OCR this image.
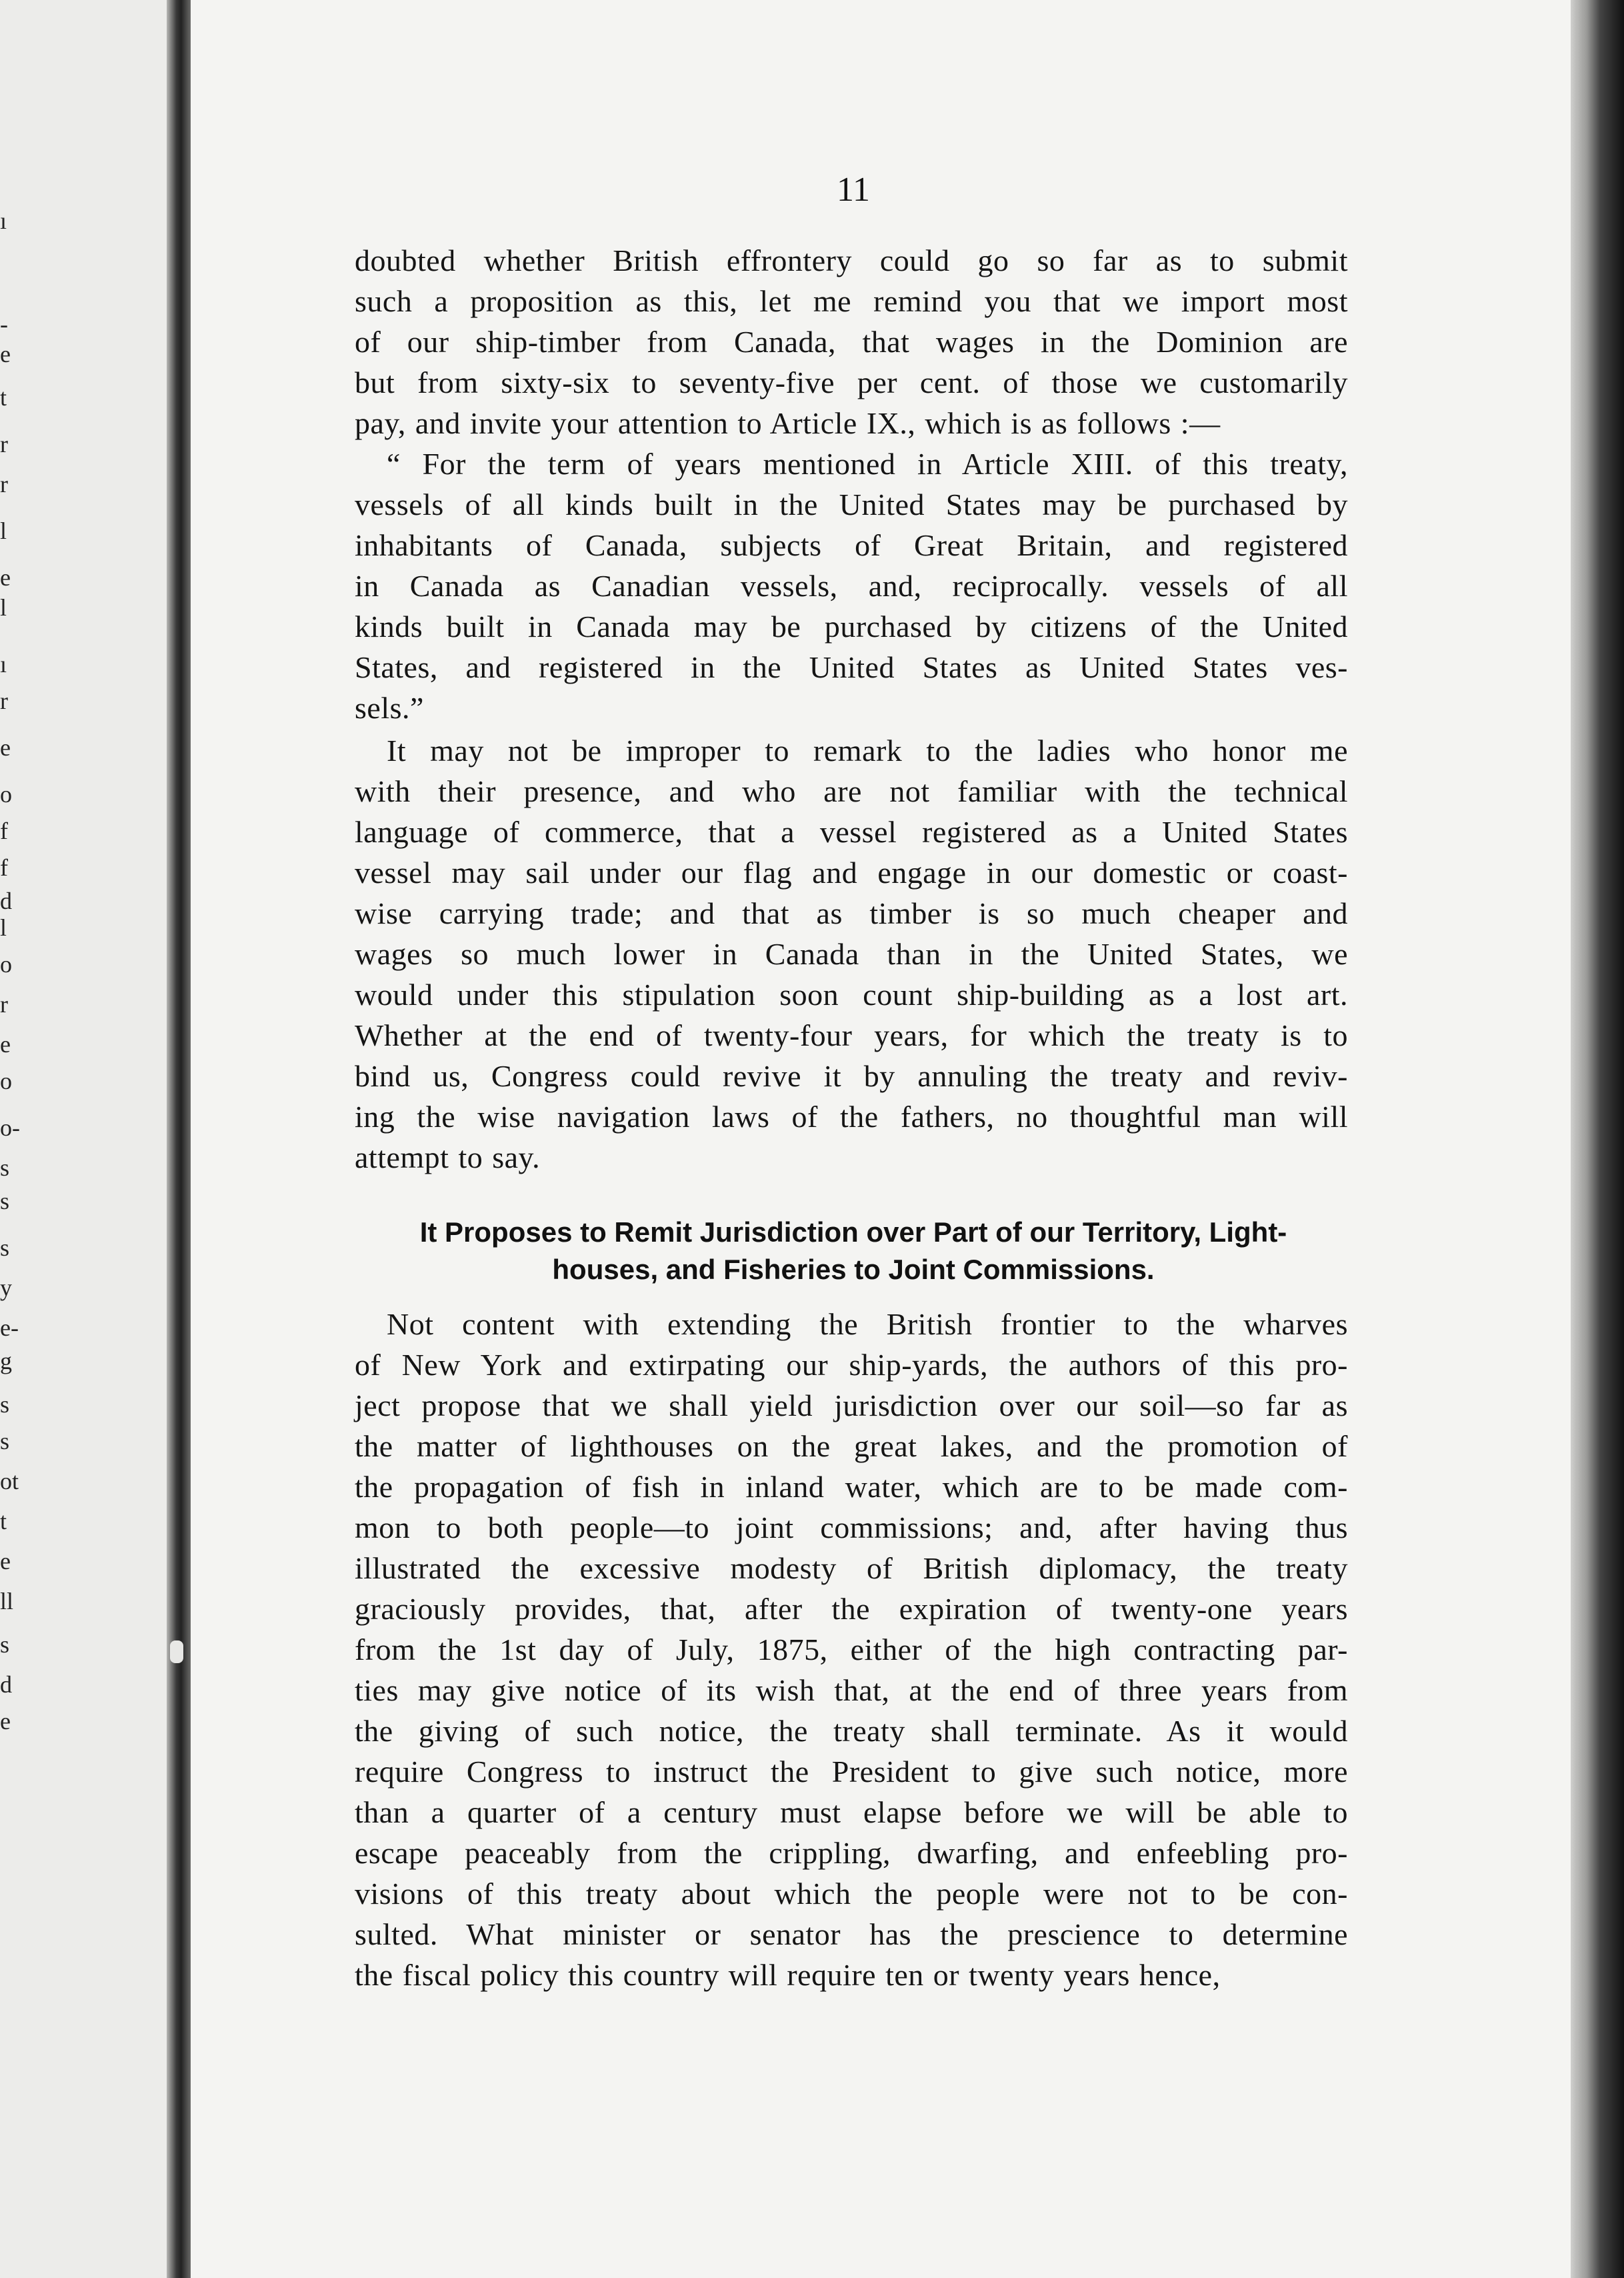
ı
-
e
t
r
r
l
e
l
ı
r
e
o
f
f
d
l
o
r
e
o
o-
s
s
s
y
e-
g
s
s
ot
t
e
ll
s
d
e
11
doubted whether British effrontery could go so far as to submit
such a proposition as this, let me remind you that we import most
of our ship-timber from Canada, that wages in the Dominion are
but from sixty-six to seventy-five per cent. of those we customarily
pay, and invite your attention to Article IX., which is as follows :—
“ For the term of years mentioned in Article XIII. of this treaty,
vessels of all kinds built in the United States may be purchased by
inhabitants of Canada, subjects of Great Britain, and registered
in Canada as Canadian vessels, and, reciprocally. vessels of all
kinds built in Canada may be purchased by citizens of the United
States, and registered in the United States as United States ves-
sels.”
It may not be improper to remark to the ladies who honor me
with their presence, and who are not familiar with the technical
language of commerce, that a vessel registered as a United States
vessel may sail under our flag and engage in our domestic or coast-
wise carrying trade; and that as timber is so much cheaper and
wages so much lower in Canada than in the United States, we
would under this stipulation soon count ship-building as a lost art.
Whether at the end of twenty-four years, for which the treaty is to
bind us, Congress could revive it by annuling the treaty and reviv-
ing the wise navigation laws of the fathers, no thoughtful man will
attempt to say.
It Proposes to Remit Jurisdiction over Part of our Territory, Light-
houses, and Fisheries to Joint Commissions.
Not content with extending the British frontier to the wharves
of New York and extirpating our ship-yards, the authors of this pro-
ject propose that we shall yield jurisdiction over our soil—so far as
the matter of lighthouses on the great lakes, and the promotion of
the propagation of fish in inland water, which are to be made com-
mon to both people—to joint commissions; and, after having thus
illustrated the excessive modesty of British diplomacy, the treaty
graciously provides, that, after the expiration of twenty-one years
from the 1st day of July, 1875, either of the high contracting par-
ties may give notice of its wish that, at the end of three years from
the giving of such notice, the treaty shall terminate. As it would
require Congress to instruct the President to give such notice, more
than a quarter of a century must elapse before we will be able to
escape peaceably from the crippling, dwarfing, and enfeebling pro-
visions of this treaty about which the people were not to be con-
sulted. What minister or senator has the prescience to determine
the fiscal policy this country will require ten or twenty years hence,
